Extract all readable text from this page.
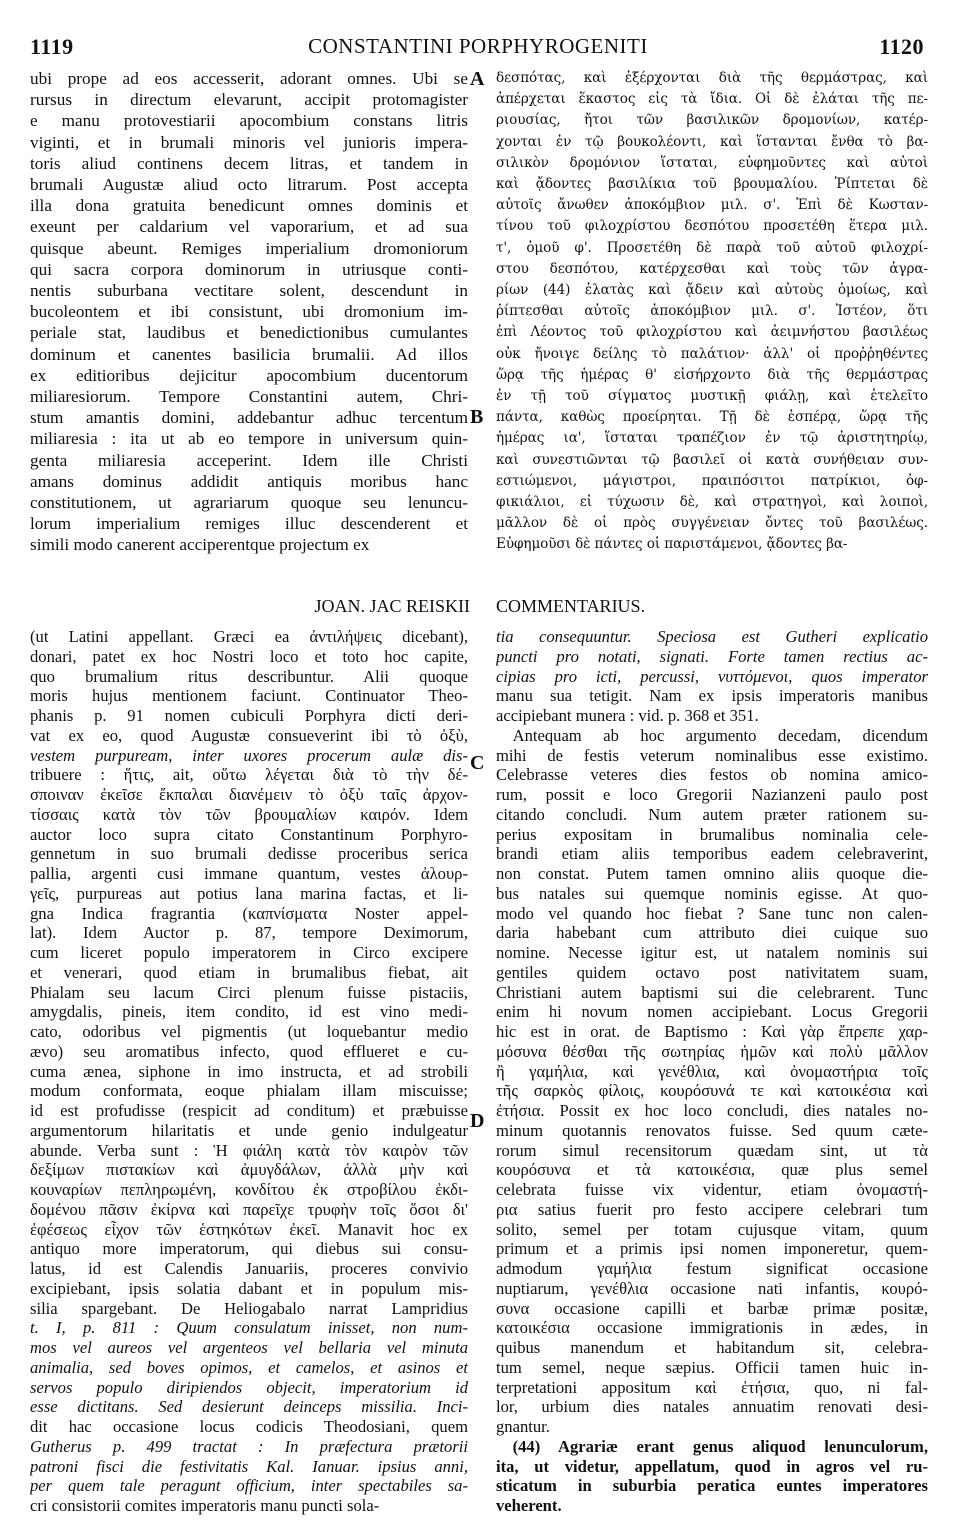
1119	CONSTANTINI PORPHYROGENITI	1120
ubi prope ad eos accesserit, adorant omnes. Ubi se
rursus in directum elevarunt, accipit protomagister
e manu protovestiarii apocombium constans litris
viginti, et in brumali minoris vel junioris impera-
toris aliud continens decem litras, et tandem in
brumali Augustæ aliud octo litrarum. Post accepta
illa dona gratuita benedicunt omnes dominis et
exeunt per caldarium vel vaporarium, et ad sua
quisque abeunt. Remiges imperialium dromoniorum
qui sacra corpora dominorum in utriusque conti-
nentis suburbana vectitare solent, descendunt in
bucoleontem et ibi consistunt, ubi dromonium im-
periale stat, laudibus et benedictionibus cumulantes
dominum et canentes basilicia brumalii. Ad illos
ex editioribus dejicitur apocombium ducentorum
miliaresiorum. Tempore Constantini autem, Chri-
stum amantis domini, addebantur adhuc tercentum
miliaresia : ita ut ab eo tempore in universum quin-
genta miliaresia acceperint. Idem ille Christi
amans dominus addidit antiquis moribus hanc
constitutionem, ut agrariarum quoque seu lenuncu-
lorum imperialium remiges illuc descenderent et
simili modo canerent acciperentque projectum ex
δεσπότας, καὶ ἐξέρχονται διὰ τῆς θερμάστρας, καὶ
ἀπέρχεται ἕκαστος εἰς τὰ ἴδια. Οἱ δὲ ἐλάται τῆς πε-
ριουσίας, ἤτοι τῶν βασιλικῶν δρομονίων, κατέρ-
χονται ἐν τῷ βουκολέοντι, καὶ ἵστανται ἔνθα τὸ βα-
σιλικὸν δρομόνιον ἵσταται, εὐφημοῦντες καὶ αὐτοὶ
καὶ ᾄδοντες βασιλίκια τοῦ βρουμαλίου. Ῥίπτεται δὲ
αὐτοῖς ἄνωθεν ἀποκόμβιον μιλ. σ'. Ἐπὶ δὲ Κωσταν-
τίνου τοῦ φιλοχρίστου δεσπότου προσετέθη ἕτερα μιλ.
τ', ὁμοῦ φ'. Προσετέθη δὲ παρὰ τοῦ αὐτοῦ φιλοχρί-
στου δεσπότου, κατέρχεσθαι καὶ τοὺς τῶν ἀγρα-
ρίων (44) ἐλατὰς καὶ ᾄδειν καὶ αὐτοὺς ὁμοίως, καὶ
ῥίπτεσθαι αὐτοῖς ἀποκόμβιον μιλ. σ'. Ἰστέον, ὅτι
ἐπὶ Λέοντος τοῦ φιλοχρίστου καὶ ἀειμνήστου βασιλέως
οὐκ ἤνοιγε δείλης τὸ παλάτιον· ἀλλ' οἱ προῤῥηθέντες
ὥρᾳ τῆς ἡμέρας θ' εἰσήρχοντο διὰ τῆς θερμάστρας
ἐν τῇ τοῦ σίγματος μυστικῇ φιάλῃ, καὶ ἐτελεῖτο
πάντα, καθὼς προείρηται. Τῇ δὲ ἑσπέρᾳ, ὥρᾳ τῆς
ἡμέρας ια', ἵσταται τραπέζιον ἐν τῷ ἀριστητηρίῳ,
καὶ συνεστιῶνται τῷ βασιλεῖ οἱ κατὰ συνήθειαν συν-
εστιώμενοι, μάγιστροι, πραιπόσιτοι πατρίκιοι, ὀφ-
φικιάλιοι, εἰ τύχωσιν δὲ, καὶ στρατηγοὶ, καὶ λοιποὶ,
μᾶλλον δὲ οἱ πρὸς συγγένειαν ὄντες τοῦ βασιλέως.
Εὐφημοῦσι δὲ πάντες οἱ παριστάμενοι, ᾄδοντες βα-
A
B
C
D
JOAN. JAC REISKII COMMENTARIUS.
(ut Latini appellant. Græci ea ἀντιλήψεις dicebant),
donari, patet ex hoc Nostri loco et toto hoc capite,
quo brumalium ritus describuntur. Alii quoque
moris hujus mentionem faciunt. Continuator Theo-
phanis p. 91 nomen cubiculi Porphyra dicti deri-
vat ex eo, quod Augustæ consueverint ibi τὸ ὀξὺ,
vestem purpuream, inter uxores procerum aulæ dis-
tribuere : ἥτις, ait, οὕτω λέγεται διὰ τὸ τὴν δέ-
σποιναν ἐκεῖσε ἔκπαλαι διανέμειν τὸ ὀξὺ ταῖς ἀρχον-
τίσσαις κατὰ τὸν τῶν βρουμαλίων καιρόν. Idem
auctor loco supra citato Constantinum Porphyro-
gennetum in suo brumali dedisse proceribus serica
pallia, argenti cusi immane quantum, vestes ἀλουρ-
γεῖς, purpureas aut potius lana marina factas, et li-
gna Indica fragrantia (καπνίσματα Noster appel-
lat). Idem Auctor p. 87, tempore Deximorum,
cum liceret populo imperatorem in Circo excipere
et venerari, quod etiam in brumalibus fiebat, ait
Phialam seu lacum Circi plenum fuisse pistaciis,
amygdalis, pineis, item condito, id est vino medi-
cato, odoribus vel pigmentis (ut loquebantur medio
ævo) seu aromatibus infecto, quod efflueret e cu-
cuma ænea, siphone in imo instructa, et ad strobili
modum conformata, eoque phialam illam miscuisse;
id est profudisse (respicit ad conditum) et præbuisse
argumentorum hilaritatis et unde genio indulgeatur
abunde. Verba sunt : Ἡ φιάλη κατὰ τὸν καιρὸν τῶν
δεξίμων πιστακίων καὶ ἀμυγδάλων, ἀλλὰ μὴν καὶ
κουναρίων πεπληρωμένη, κονδίτου ἐκ στροβίλου ἐκδι-
δομένου πᾶσιν ἐκίρνα καὶ παρεῖχε τρυφὴν τοῖς ὅσοι δι'
ἐφέσεως εἶχον τῶν ἑστηκότων ἐκεῖ. Manavit hoc ex
antiquo more imperatorum, qui diebus sui consu-
latus, id est Calendis Januariis, proceres convivio
excipiebant, ipsis solatia dabant et in populum mis-
silia spargebant. De Heliogabalo narrat Lampridius
t. I, p. 811 : Quum consulatum inisset, non num-
mos vel aureos vel argenteos vel bellaria vel minuta
animalia, sed boves opimos, et camelos, et asinos et
servos populo diripiendos objecit, imperatorium id
esse dictitans. Sed desierunt deinceps missilia. Inci-
dit hac occasione locus codicis Theodosiani, quem
Gutherus p. 499 tractat : In præfectura prætorii
patroni fisci die festivitatis Kal. Ianuar. ipsius anni,
per quem tale peragunt officium, inter spectabiles sa-
cri consistorii comites imperatoris manu puncti sola-
tia consequuntur. Speciosa est Gutheri explicatio
puncti pro notati, signati. Forte tamen rectius ac-
cipias pro icti, percussi, νυττόμενοι, quos imperator
manu sua tetigit. Nam ex ipsis imperatoris manibus
accipiebant munera : vid. p. 368 et 351.
 Antequam ab hoc argumento decedam, dicendum
mihi de festis veterum nominalibus esse existimo.
Celebrasse veteres dies festos ob nomina amico-
rum, possit e loco Gregorii Nazianzeni paulo post
citando concludi. Num autem præter rationem su-
perius expositam in brumalibus nominalia cele-
brandi etiam aliis temporibus eadem celebraverint,
non constat. Putem tamen omnino aliis quoque die-
bus natales sui quemque nominis egisse. At quo-
modo vel quando hoc fiebat ? Sane tunc non calen-
daria habebant cum attributo diei cuique suo
nomine. Necesse igitur est, ut natalem nominis sui
gentiles quidem octavo post nativitatem suam,
Christiani autem baptismi sui die celebrarent. Tunc
enim hi novum nomen accipiebant. Locus Gregorii
hic est in orat. de Baptismo : Καὶ γὰρ ἔπρεπε χαρ-
μόσυνα θέσθαι τῆς σωτηρίας ἡμῶν καὶ πολὺ μᾶλλον
ἢ γαμήλια, καὶ γενέθλια, καὶ ὀνομαστήρια τοῖς
τῆς σαρκὸς φίλοις, κουρόσυνά τε καὶ κατοικέσια καὶ
ἐτήσια. Possit ex hoc loco concludi, dies natales no-
minum quotannis renovatos fuisse. Sed quum cæte-
rorum simul recensitorum quædam sint, ut τὰ
κουρόσυνα et τὰ κατοικέσια, quæ plus semel
celebrata fuisse vix videntur, etiam ὀνομαστή-
ρια satius fuerit pro festo accipere celebrari tum
solito, semel per totam cujusque vitam, quum
primum et a primis ipsi nomen imponeretur, quem-
admodum γαμήλια festum significat occasione
nuptiarum, γενέθλια occasione nati infantis, κουρό-
συνα occasione capilli et barbæ primæ positæ,
κατοικέσια occasione immigrationis in ædes, in
quibus manendum et habitandum sit, celebra-
tum semel, neque sæpius. Officii tamen huic in-
terpretationi appositum καὶ ἐτήσια, quo, ni fal-
lor, urbium dies natales annuatim renovati desi-
gnantur.
 (44) Agrariæ erant genus aliquod lenunculorum,
ita, ut videtur, appellatum, quod in agros vel ru-
sticatum in suburbia peratica euntes imperatores
veherent.
